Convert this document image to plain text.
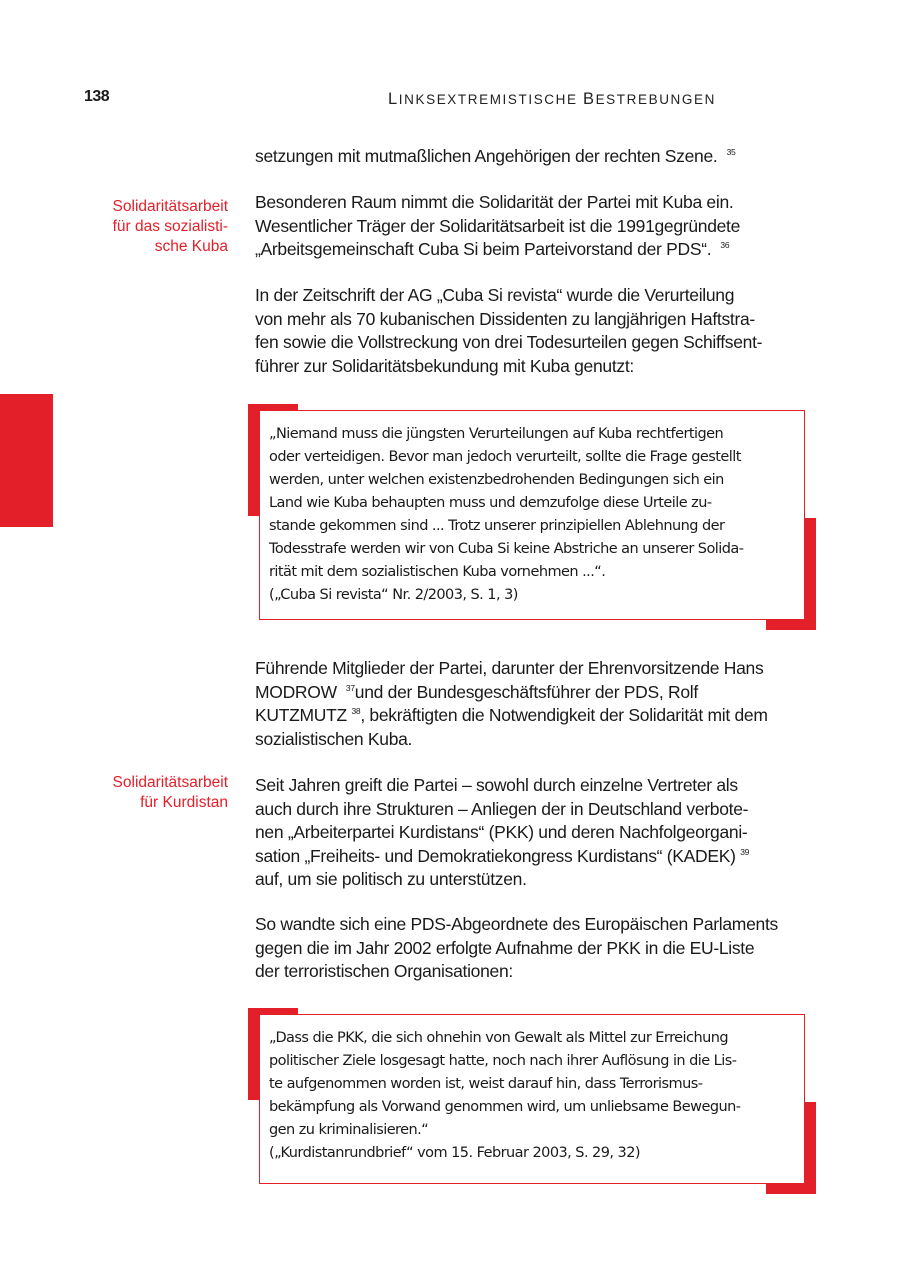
138	LINKSEXTREMISTISCHE BESTREBUNGEN
Solidaritätsarbeit
für das sozialisti-
sche Kuba
Solidaritätsarbeit
für Kurdistan

setzungen mit mutmaßlichen Angehörigen der rechten Szene. $^{35}$

Besonderen Raum nimmt die Solidarität der Partei mit Kuba ein. Wesentlicher Träger der Solidaritätsarbeit ist die 1991gegründete „Arbeitsgemeinschaft Cuba Si beim Parteivorstand der PDS“. $^{36}$

In der Zeitschrift der AG „Cuba Si revista“ wurde die Verurteilung
von mehr als 70 kubanischen Dissidenten zu langjährigen Haftstra-
fen sowie die Vollstreckung von drei Todesurteilen gegen Schiffsent-
führer zur Solidaritätsbekundung mit Kuba genutzt:
„Niemand muss die jüngsten Verurteilungen auf Kuba rechtfertigen
oder verteidigen. Bevor man jedoch verurteilt, sollte die Frage gestellt
werden, unter welchen existenzbedrohenden Bedingungen sich ein
Land wie Kuba behaupten muss und demzufolge diese Urteile zu-
stande gekommen sind ... Trotz unserer prinzipiellen Ablehnung der
Todesstrafe werden wir von Cuba Si keine Abstriche an unserer Solida-
rität mit dem sozialistischen Kuba vornehmen ...“.
(„Cuba Si revista“ Nr. 2/2003, S. 1, 3)

Führende Mitglieder der Partei, darunter der Ehrenvorsitzende Hans MODROW $^{37}$und der Bundesgeschäftsführer der PDS, Rolf KUTZMUTZ $^{38}$, bekräftigten die Notwendigkeit der Solidarität mit dem sozialistischen Kuba.

Seit Jahren greift die Partei – sowohl durch einzelne Vertreter als
auch durch ihre Strukturen – Anliegen der in Deutschland verbote-
nen „Arbeiterpartei Kurdistans“ (PKK) und deren Nachfolgeorgani-
sation „Freiheits- und Demokratiekongress Kurdistans“ (KADEK) $^{39}$
auf, um sie politisch zu unterstützen.
So wandte sich eine PDS-Abgeordnete des Europäischen Parlaments
gegen die im Jahr 2002 erfolgte Aufnahme der PKK in die EU-Liste
der terroristischen Organisationen:
„Dass die PKK, die sich ohnehin von Gewalt als Mittel zur Erreichung
politischer Ziele losgesagt hatte, noch nach ihrer Auflösung in die Lis-
te aufgenommen worden ist, weist darauf hin, dass Terrorismus-
bekämpfung als Vorwand genommen wird, um unliebsame Bewegun-
gen zu kriminalisieren.“
(„Kurdistanrundbrief“ vom 15. Februar 2003, S. 29, 32)
